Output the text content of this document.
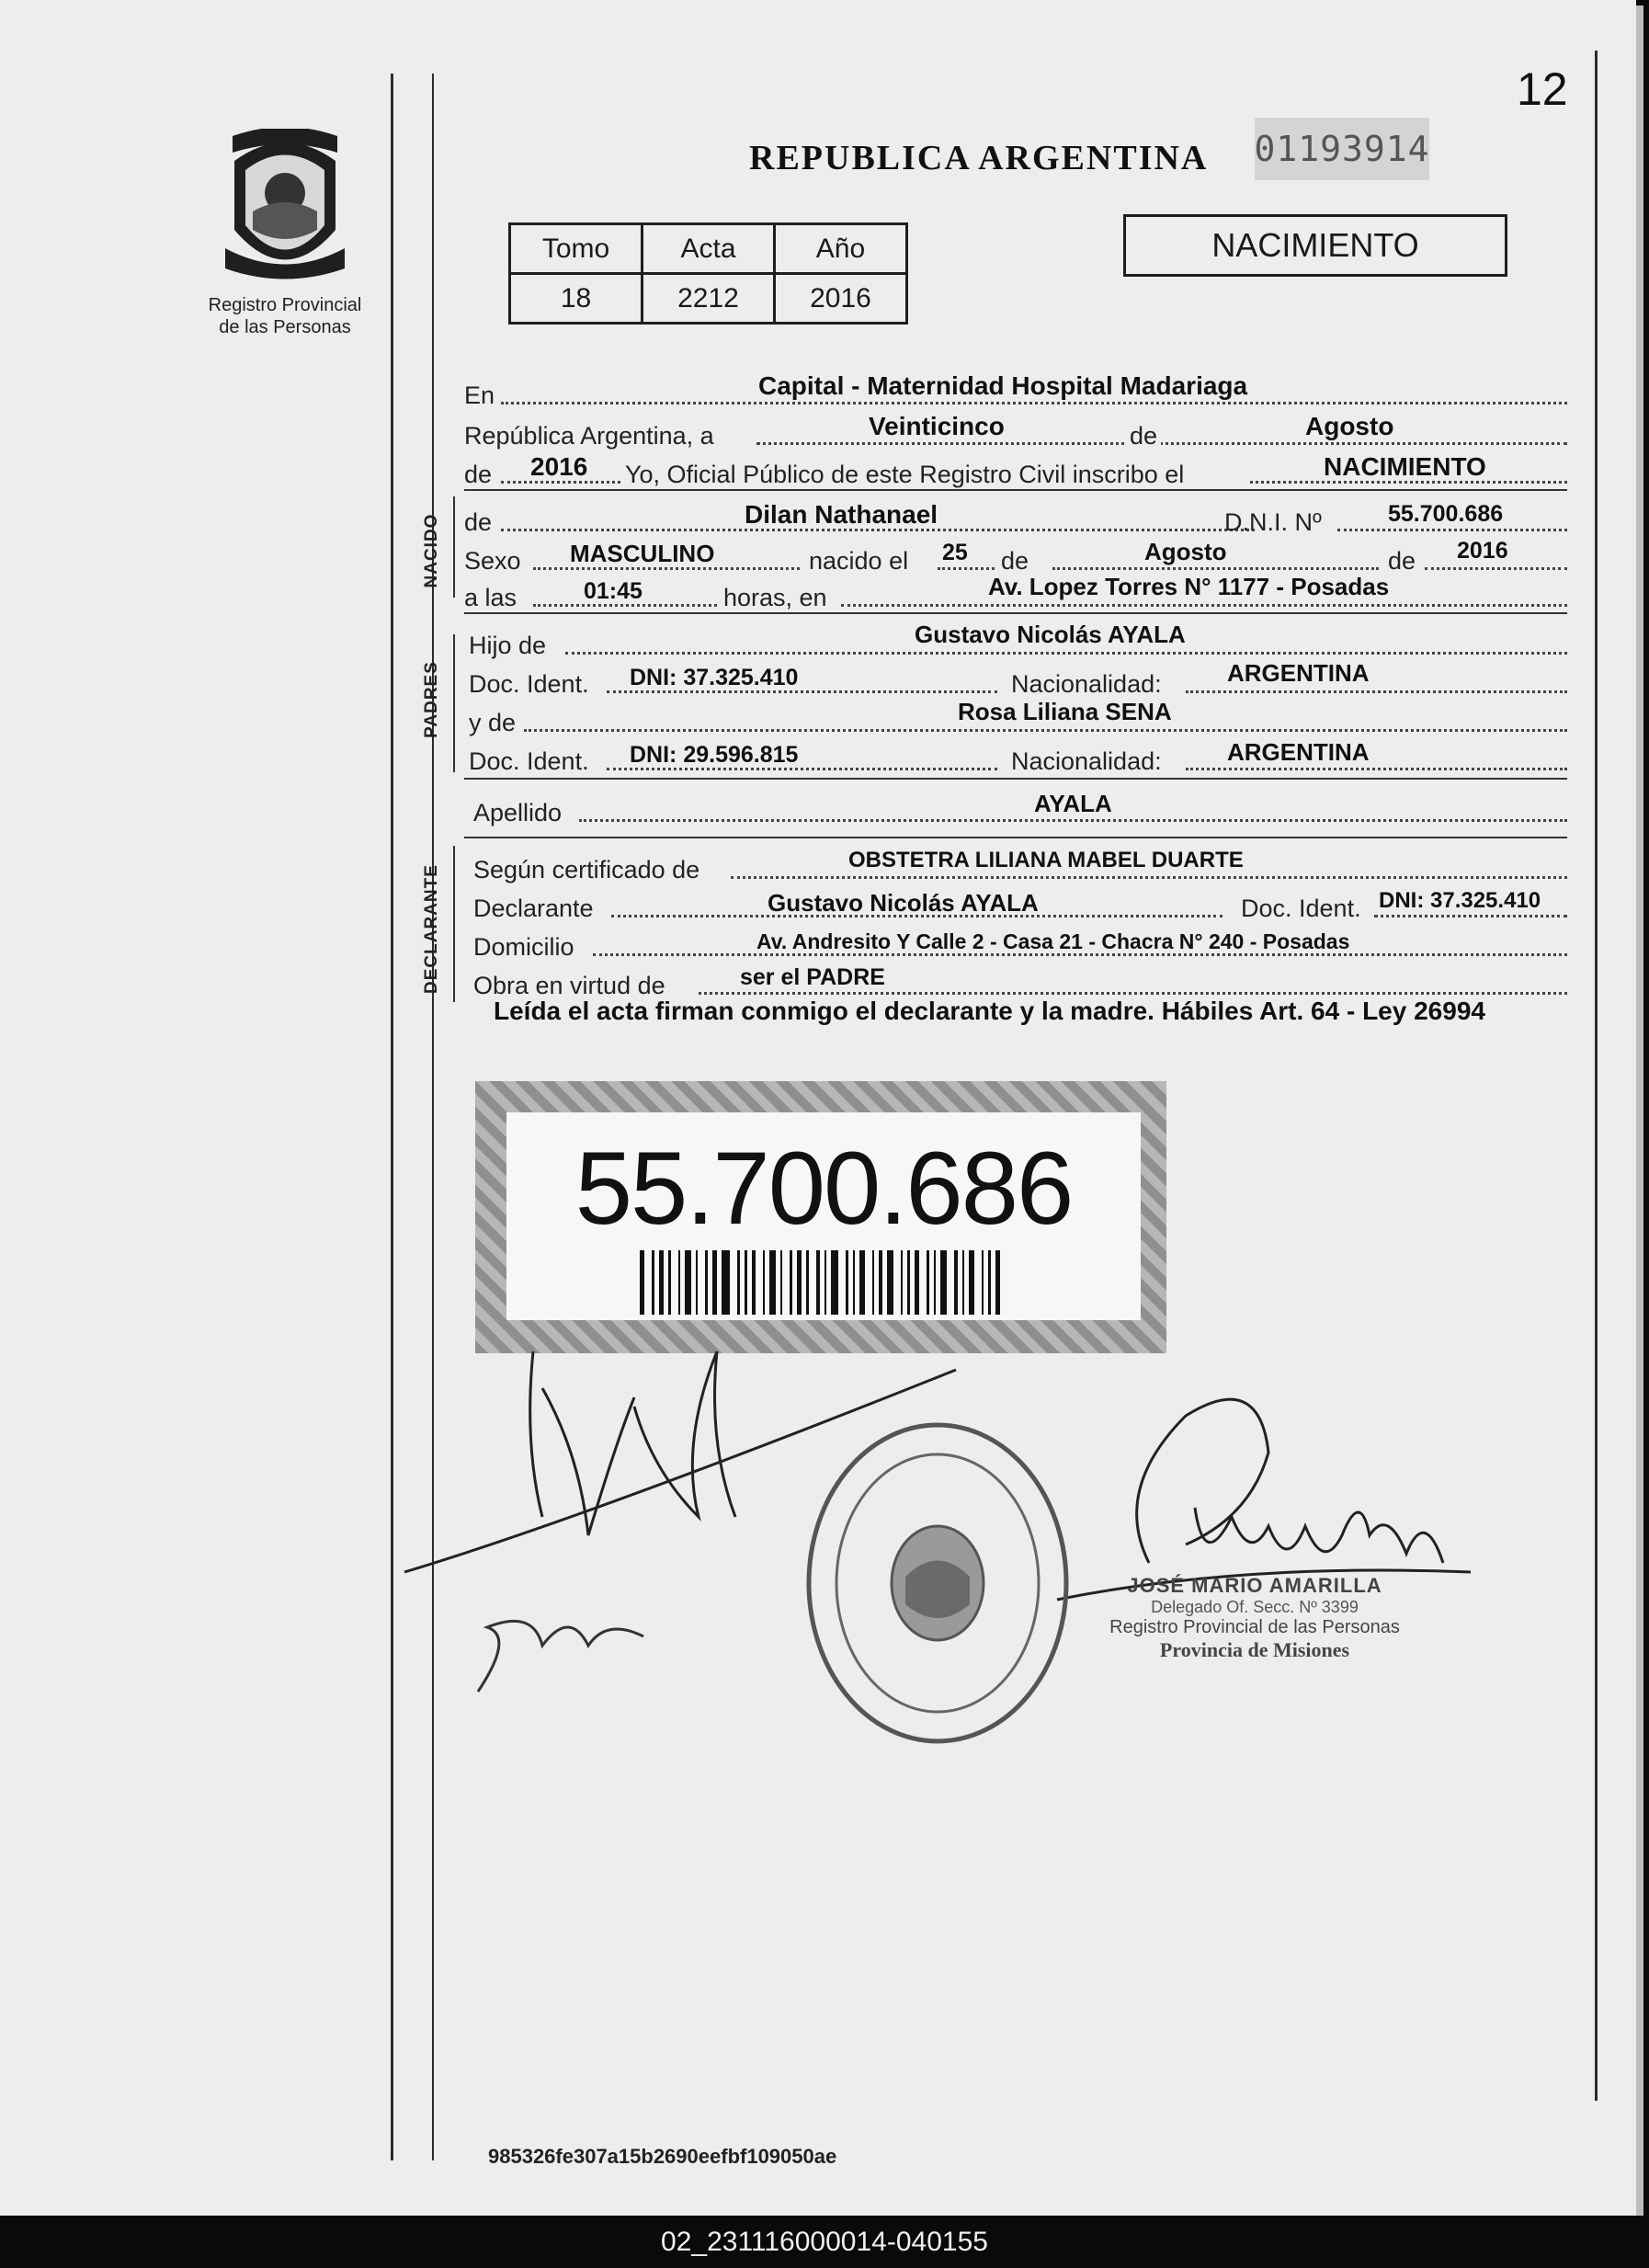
12
Registro Provincial
de las Personas
REPUBLICA ARGENTINA 01193914
Tomo	Acta	Año
18	2212	2016
NACIMIENTO
En	Capital - Maternidad Hospital Madariaga
República Argentina, a	Veinticinco	de	Agosto
de 2016 Yo, Oficial Público de este Registro Civil inscribo el	NACIMIENTO
NACIDO de	Dilan Nathanael	D.N.I. Nº	55.700.686
Sexo MASCULINO	nacido el 25 de	Agosto	de 2016
a las	01:45	horas, en	Av. Lopez Torres N° 1177 - Posadas
PADRES
Hijo de	Gustavo Nicolás AYALA
Doc. Ident. DNI: 37.325.410	Nacionalidad:	ARGENTINA
y de	Rosa Liliana SENA
Doc. Ident. DNI: 29.596.815	Nacionalidad:	ARGENTINA
Apellido	AYALA
DECLARANTE Según certificado de	OBSTETRA LILIANA MABEL DUARTE
Declarante	Gustavo Nicolás AYALA	Doc. Ident. DNI: 37.325.410
Domicilio	Av. Andresito Y Calle 2 - Casa 21 - Chacra N° 240 - Posadas
Obra en virtud de	ser el PADRE
Leída el acta firman conmigo el declarante y la madre. Hábiles Art. 64 - Ley 26994
55.700.686
JOSÉ MARIO AMARILLA
Delegado Of. Secc. Nº 3399
Registro Provincial de las Personas
Provincia de Misiones
985326fe307a15b2690eefbf109050ae
02_231116000014-040155
